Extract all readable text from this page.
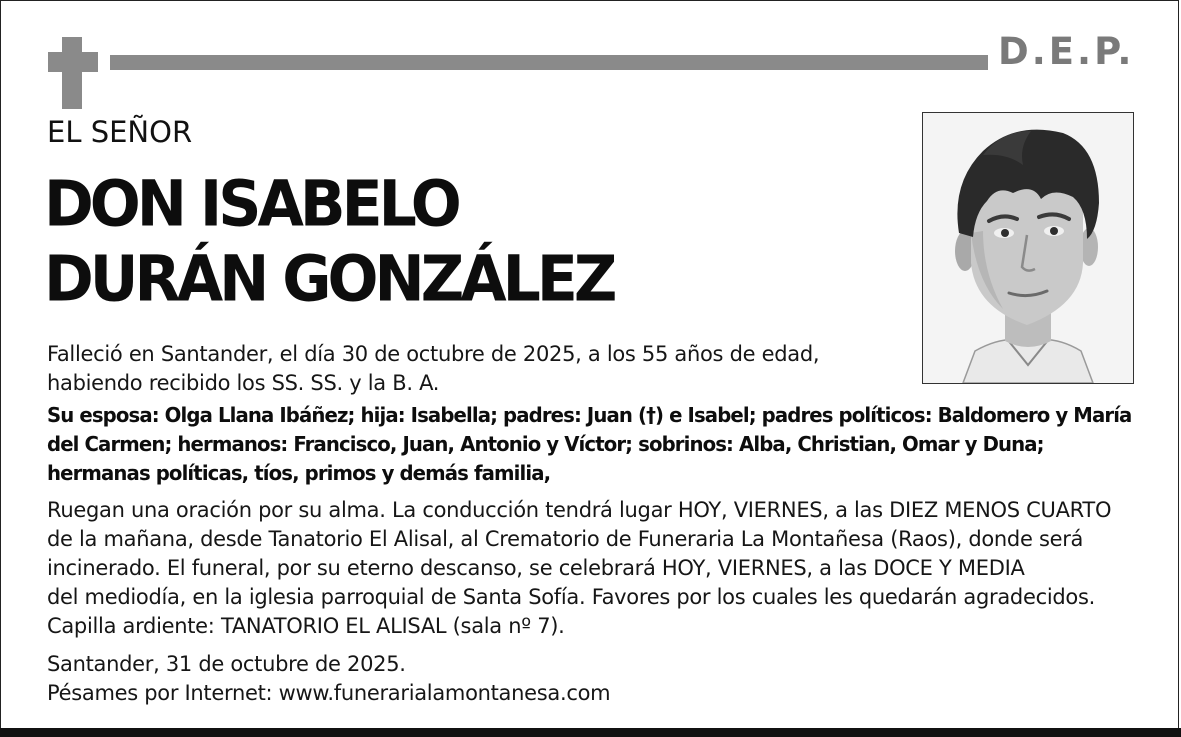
D.E.P.
EL SEÑOR
DON ISABELO
DURÁN GONZÁLEZ
Falleció en Santander, el día 30 de octubre de 2025, a los 55 años de edad,
habiendo recibido los SS. SS. y la B. A.
Su esposa: Olga Llana Ibáñez; hija: Isabella; padres: Juan (†) e Isabel; padres políticos: Baldomero y María
del Carmen; hermanos: Francisco, Juan, Antonio y Víctor; sobrinos: Alba, Christian, Omar y Duna;
hermanas políticas, tíos, primos y demás familia,
Ruegan una oración por su alma. La conducción tendrá lugar HOY, VIERNES, a las DIEZ MENOS CUARTO
de la mañana, desde Tanatorio El Alisal, al Crematorio de Funeraria La Montañesa (Raos), donde será
incinerado. El funeral, por su eterno descanso, se celebrará HOY, VIERNES, a las DOCE Y MEDIA
del mediodía, en la iglesia parroquial de Santa Sofía. Favores por los cuales les quedarán agradecidos.
Capilla ardiente: TANATORIO EL ALISAL (sala nº 7).
Santander, 31 de octubre de 2025.
Pésames por Internet: www.funerarialamontanesa.com
